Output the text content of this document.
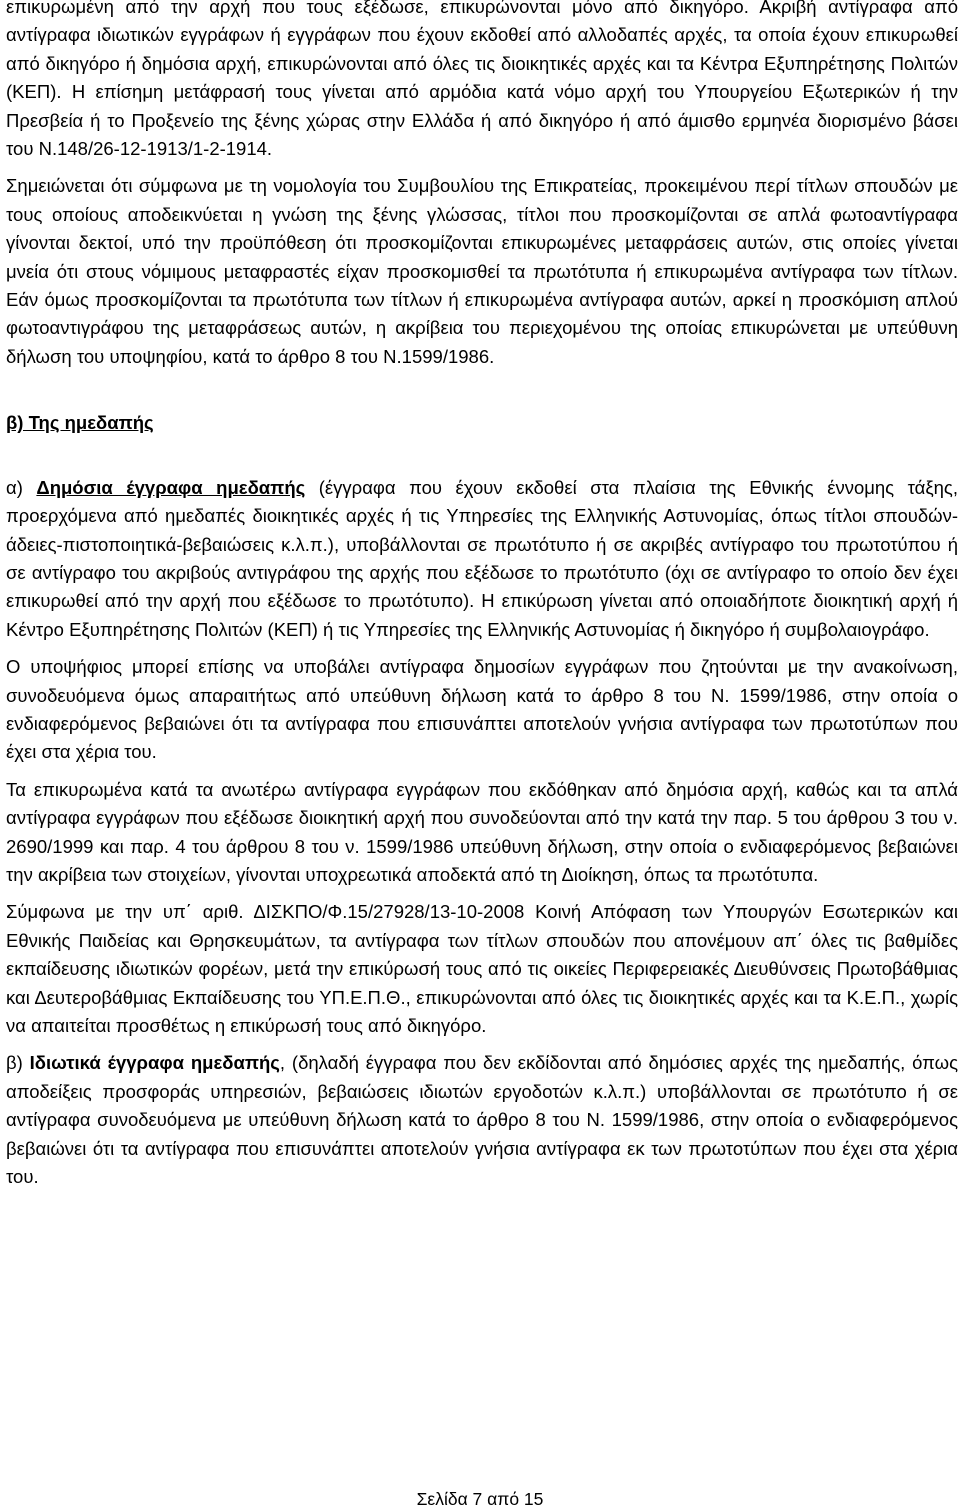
επικυρωμένη από την αρχή που τους εξέδωσε, επικυρώνονται μόνο από δικηγόρο. Ακριβή αντίγραφα από αντίγραφα ιδιωτικών εγγράφων ή εγγράφων που έχουν εκδοθεί από αλλοδαπές αρχές, τα οποία έχουν επικυρωθεί από δικηγόρο ή δημόσια αρχή, επικυρώνονται από όλες τις διοικητικές αρχές και τα Κέντρα Εξυπηρέτησης Πολιτών (ΚΕΠ). Η επίσημη μετάφρασή τους γίνεται από αρμόδια κατά νόμο αρχή του Υπουργείου Εξωτερικών ή την Πρεσβεία ή το Προξενείο της ξένης χώρας στην Ελλάδα ή από δικηγόρο ή από άμισθο ερμηνέα διορισμένο βάσει του Ν.148/26-12-1913/1-2-1914.

Σημειώνεται ότι σύμφωνα με τη νομολογία του Συμβουλίου της Επικρατείας, προκειμένου περί τίτλων σπουδών με τους οποίους αποδεικνύεται η γνώση της ξένης γλώσσας, τίτλοι που προσκομίζονται σε απλά φωτοαντίγραφα γίνονται δεκτοί, υπό την προϋπόθεση ότι προσκομίζονται επικυρωμένες μεταφράσεις αυτών, στις οποίες γίνεται μνεία ότι στους νόμιμους μεταφραστές είχαν προσκομισθεί τα πρωτότυπα ή επικυρωμένα αντίγραφα των τίτλων. Εάν όμως προσκομίζονται τα πρωτότυπα των τίτλων ή επικυρωμένα αντίγραφα αυτών, αρκεί η προσκόμιση απλού φωτοαντιγράφου της μεταφράσεως αυτών, η ακρίβεια του περιεχομένου της οποίας επικυρώνεται με υπεύθυνη δήλωση του υποψηφίου, κατά το άρθρο 8 του Ν.1599/1986.

β) Της ημεδαπής

α) Δημόσια έγγραφα ημεδαπής (έγγραφα που έχουν εκδοθεί στα πλαίσια της Εθνικής έννομης τάξης, προερχόμενα από ημεδαπές διοικητικές αρχές ή τις Υπηρεσίες της Ελληνικής Αστυνομίας, όπως τίτλοι σπουδών-άδειες-πιστοποιητικά-βεβαιώσεις κ.λ.π.), υποβάλλονται σε πρωτότυπο ή σε ακριβές αντίγραφο του πρωτοτύπου ή σε αντίγραφο του ακριβούς αντιγράφου της αρχής που εξέδωσε το πρωτότυπο (όχι σε αντίγραφο το οποίο δεν έχει επικυρωθεί από την αρχή που εξέδωσε το πρωτότυπο). Η επικύρωση γίνεται από οποιαδήποτε διοικητική αρχή ή Κέντρο Εξυπηρέτησης Πολιτών (ΚΕΠ) ή τις Υπηρεσίες της Ελληνικής Αστυνομίας ή δικηγόρο ή συμβολαιογράφο.

Ο υποψήφιος μπορεί επίσης να υποβάλει αντίγραφα δημοσίων εγγράφων που ζητούνται με την ανακοίνωση, συνοδευόμενα όμως απαραιτήτως από υπεύθυνη δήλωση κατά το άρθρο 8 του Ν. 1599/1986, στην οποία ο ενδιαφερόμενος βεβαιώνει ότι τα αντίγραφα που επισυνάπτει αποτελούν γνήσια αντίγραφα των πρωτοτύπων που έχει στα χέρια του.

Τα επικυρωμένα κατά τα ανωτέρω αντίγραφα εγγράφων που εκδόθηκαν από δημόσια αρχή, καθώς και τα απλά αντίγραφα εγγράφων που εξέδωσε διοικητική αρχή που συνοδεύονται από την κατά την παρ. 5 του άρθρου 3 του ν. 2690/1999 και παρ. 4 του άρθρου 8 του ν. 1599/1986 υπεύθυνη δήλωση, στην οποία ο ενδιαφερόμενος βεβαιώνει την ακρίβεια των στοιχείων, γίνονται υποχρεωτικά αποδεκτά από τη Διοίκηση, όπως τα πρωτότυπα.

Σύμφωνα με την υπ΄ αριθ. ΔΙΣΚΠΟ/Φ.15/27928/13-10-2008 Κοινή Απόφαση των Υπουργών Εσωτερικών και Εθνικής Παιδείας και Θρησκευμάτων, τα αντίγραφα των τίτλων σπουδών που απονέμουν απ΄ όλες τις βαθμίδες εκπαίδευσης ιδιωτικών φορέων, μετά την επικύρωσή τους από τις οικείες Περιφερειακές Διευθύνσεις Πρωτοβάθμιας και Δευτεροβάθμιας Εκπαίδευσης του ΥΠ.Ε.Π.Θ., επικυρώνονται από όλες τις διοικητικές αρχές και τα Κ.Ε.Π., χωρίς να απαιτείται προσθέτως η επικύρωσή τους από δικηγόρο.

β) Ιδιωτικά έγγραφα ημεδαπής, (δηλαδή έγγραφα που δεν εκδίδονται από δημόσιες αρχές της ημεδαπής, όπως αποδείξεις προσφοράς υπηρεσιών, βεβαιώσεις ιδιωτών εργοδοτών κ.λ.π.) υποβάλλονται σε πρωτότυπο ή σε αντίγραφα συνοδευόμενα με υπεύθυνη δήλωση κατά το άρθρο 8 του Ν. 1599/1986, στην οποία ο ενδιαφερόμενος βεβαιώνει ότι τα αντίγραφα που επισυνάπτει αποτελούν γνήσια αντίγραφα εκ των πρωτοτύπων που έχει στα χέρια του.

Σελίδα 7 από 15
